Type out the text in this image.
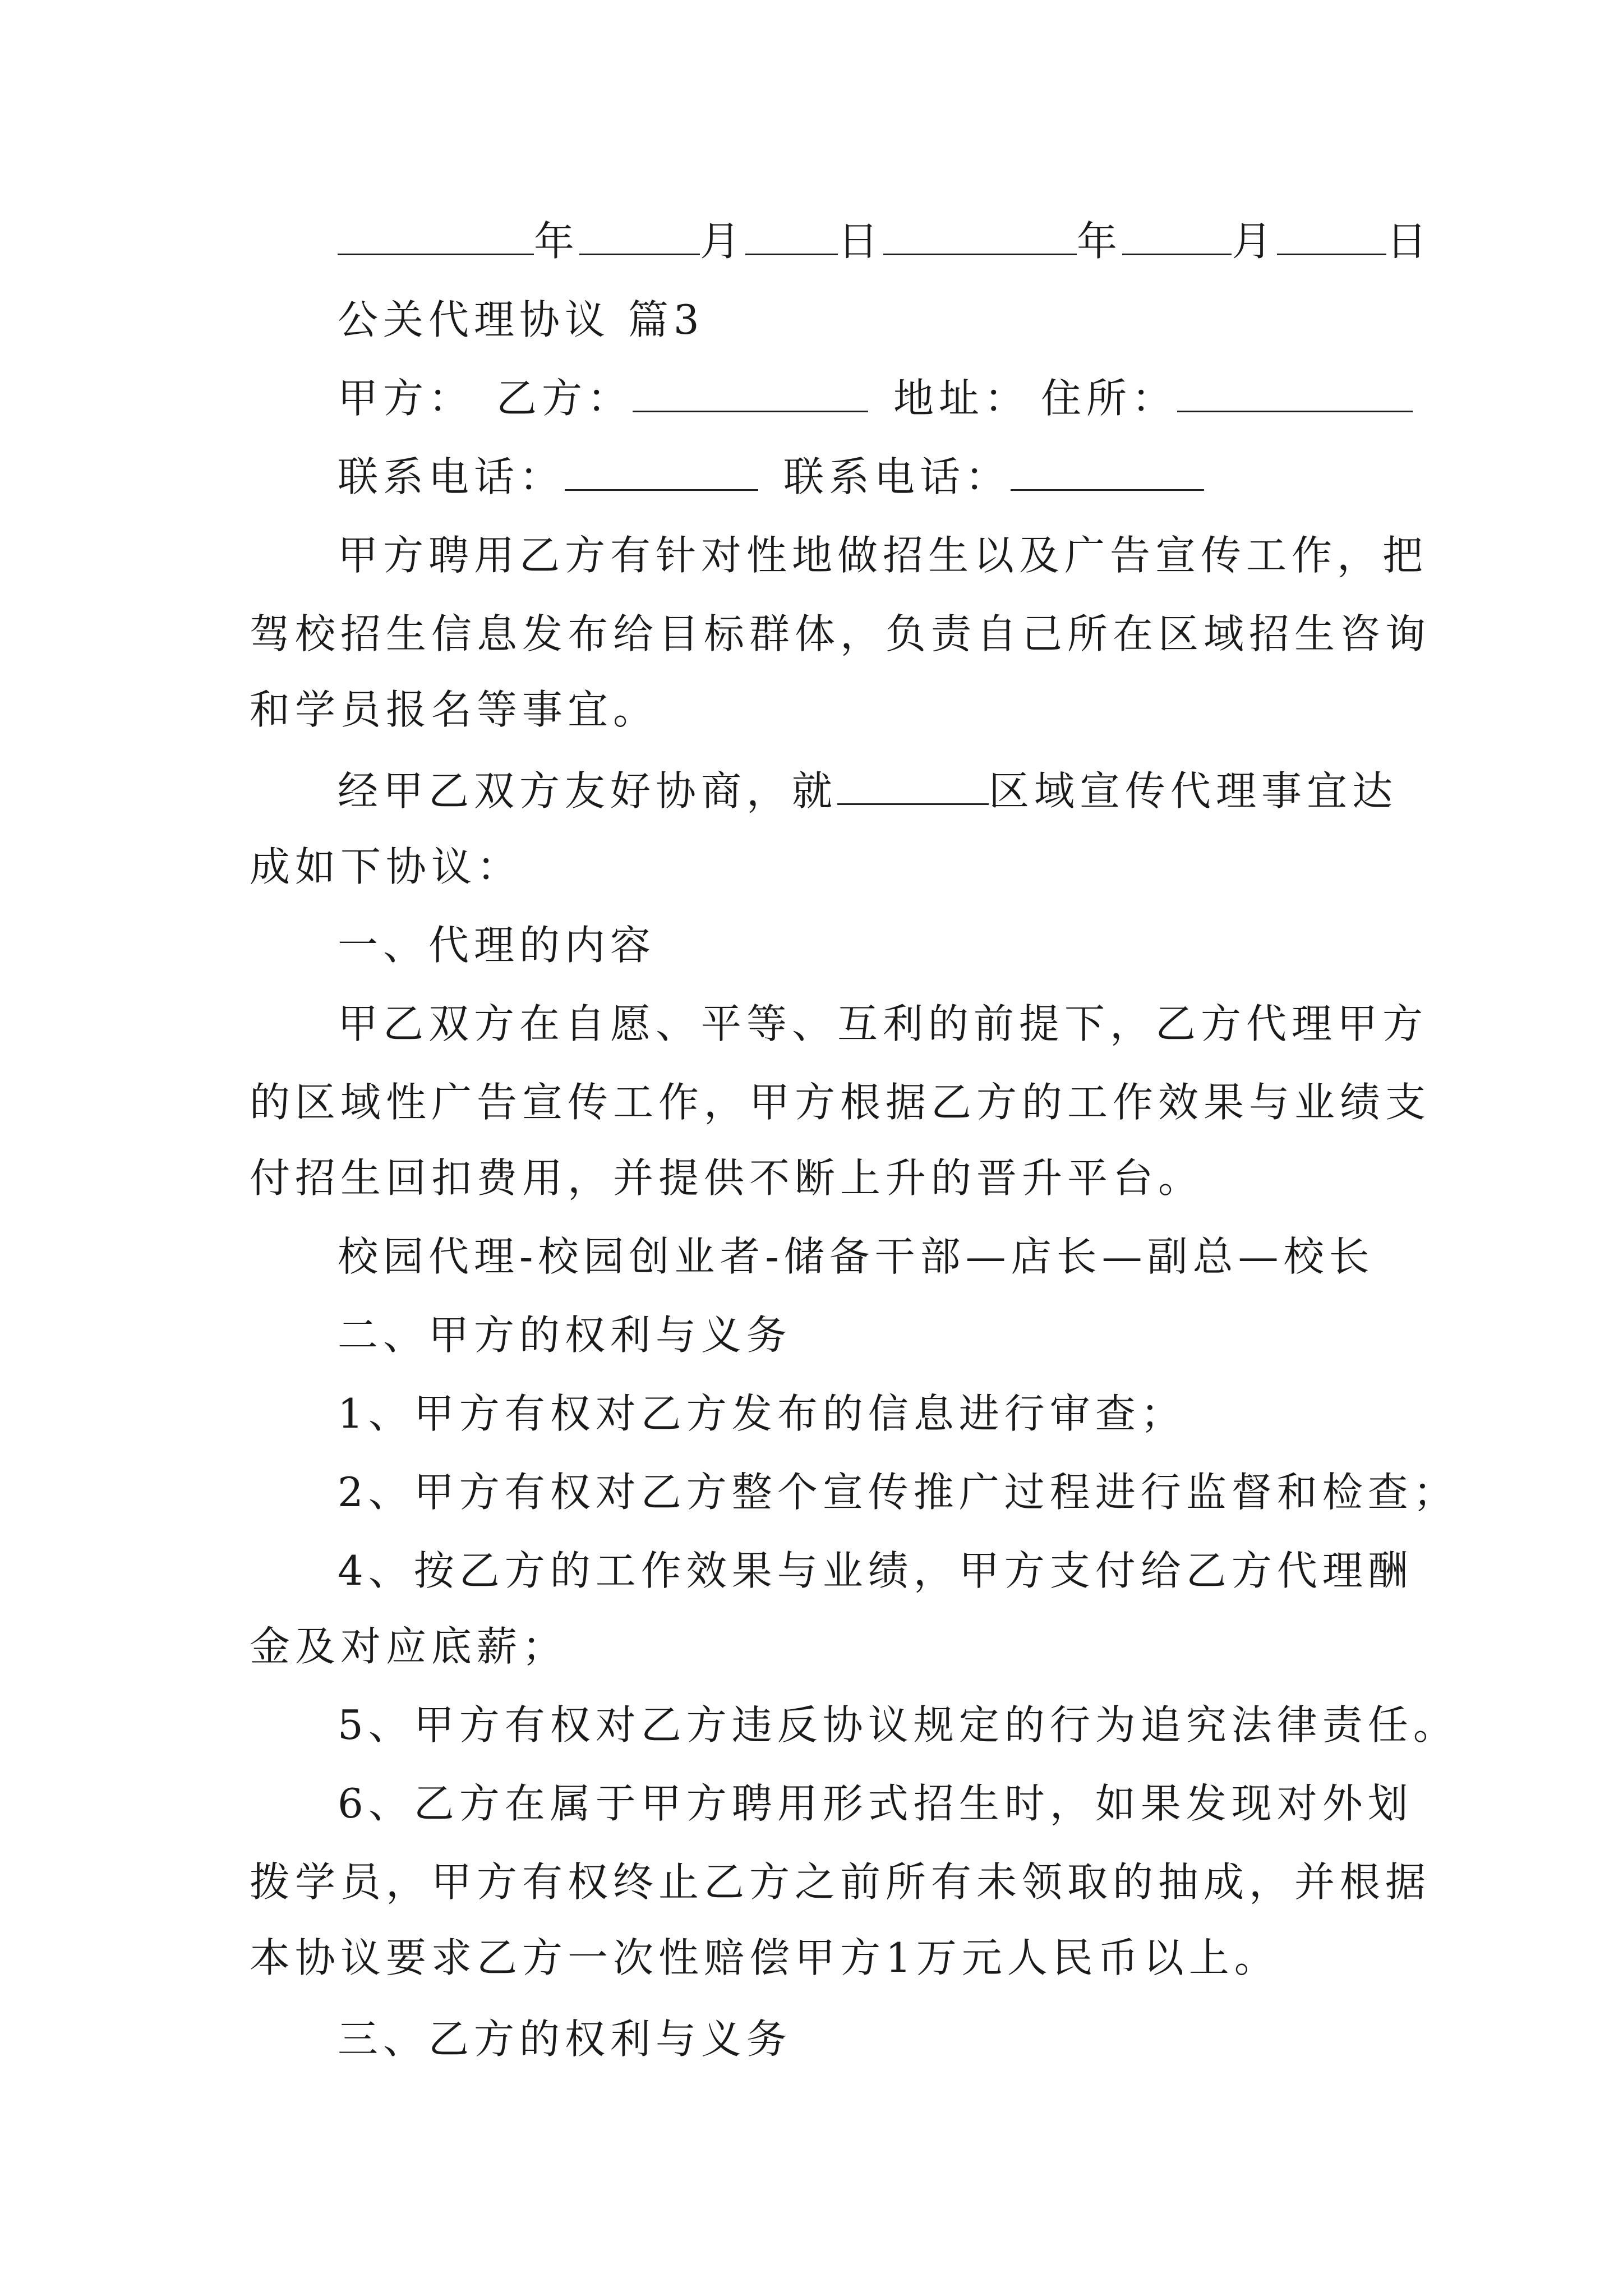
年	月 日	年	月	日
公关代理协议 篇3
甲方： 乙方：	地址： 住所：
联系电话：	联系电话：
甲方聘用乙方有针对性地做招生以及广告宣传工作，把
驾校招生信息发布给目标群体，负责自己所在区域招生咨询
和学员报名等事宜。
经甲乙双方友好协商，就	区域宣传代理事宜达
成如下协议：
一、代理的内容
甲乙双方在自愿、平等、互利的前提下，乙方代理甲方
的区域性广告宣传工作，甲方根据乙方的工作效果与业绩支
付招生回扣费用，并提供不断上升的晋升平台。
校园代理-校园创业者-储备干部—店长—副总—校长
二、甲方的权利与义务
1、甲方有权对乙方发布的信息进行审查；
2、甲方有权对乙方整个宣传推广过程进行监督和检查；
4、按乙方的工作效果与业绩，甲方支付给乙方代理酬
金及对应底薪；
5、甲方有权对乙方违反协议规定的行为追究法律责任。
6、乙方在属于甲方聘用形式招生时，如果发现对外划
拨学员，甲方有权终止乙方之前所有未领取的抽成，并根据
本协议要求乙方一次性赔偿甲方1万元人民币以上。
三、乙方的权利与义务
